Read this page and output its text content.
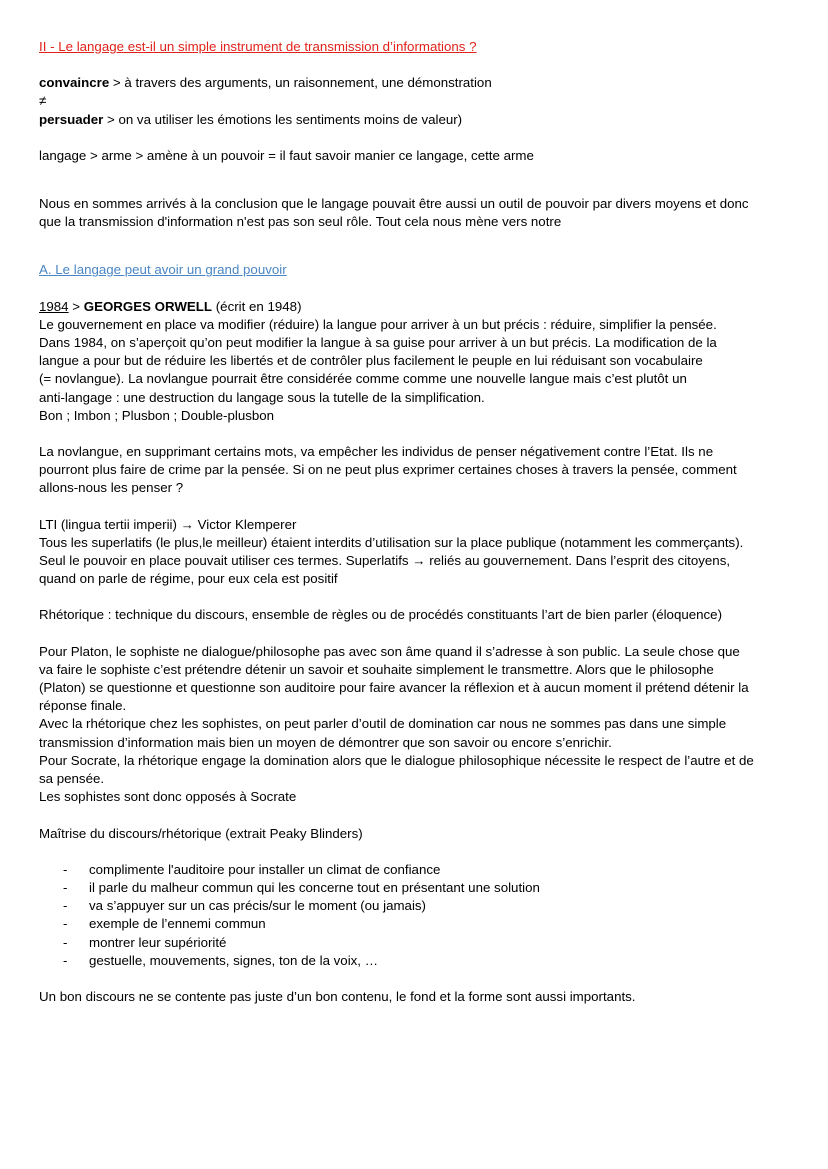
II - Le langage est-il un simple instrument de transmission d’informations ?

convaincre > à travers des arguments, un raisonnement, une démonstration

≠

persuader > on va utiliser les émotions les sentiments moins de valeur)

langage > arme > amène à un pouvoir = il faut savoir manier ce langage, cette arme

Nous en sommes arrivés à la conclusion que le langage pouvait être aussi un outil de pouvoir par divers moyens et donc

que la transmission d'information n'est pas son seul rôle. Tout cela nous mène vers notre

A. Le langage peut avoir un grand pouvoir

1984 > GEORGES ORWELL (écrit en 1948)

Le gouvernement en place va modifier (réduire) la langue pour arriver à un but précis : réduire, simplifier la pensée.

Dans 1984, on s’aperçoit qu’on peut modifier la langue à sa guise pour arriver à un but précis. La modification de la

langue a pour but de réduire les libertés et de contrôler plus facilement le peuple en lui réduisant son vocabulaire

(= novlangue). La novlangue pourrait être considérée comme comme une nouvelle langue mais c’est plutôt un

anti-langage : une destruction du langage sous la tutelle de la simplification.

Bon ; Imbon ; Plusbon ; Double-plusbon

La novlangue, en supprimant certains mots, va empêcher les individus de penser négativement contre l’Etat. Ils ne

pourront plus faire de crime par la pensée. Si on ne peut plus exprimer certaines choses à travers la pensée, comment

allons-nous les penser ?

LTI (lingua tertii imperii) → Victor Klemperer

Tous les superlatifs (le plus,le meilleur) étaient interdits d’utilisation sur la place publique (notamment les commerçants).

Seul le pouvoir en place pouvait utiliser ces termes. Superlatifs → reliés au gouvernement. Dans l’esprit des citoyens,

quand on parle de régime, pour eux cela est positif

Rhétorique : technique du discours, ensemble de règles ou de procédés constituants l’art de bien parler (éloquence)

Pour Platon, le sophiste ne dialogue/philosophe pas avec son âme quand il s’adresse à son public. La seule chose que

va faire le sophiste c’est prétendre détenir un savoir et souhaite simplement le transmettre. Alors que le philosophe

(Platon) se questionne et questionne son auditoire pour faire avancer la réflexion et à aucun moment il prétend détenir la

réponse finale.

Avec la rhétorique chez les sophistes, on peut parler d’outil de domination car nous ne sommes pas dans une simple

transmission d’information mais bien un moyen de démontrer que son savoir ou encore s’enrichir.

Pour Socrate, la rhétorique engage la domination alors que le dialogue philosophique nécessite le respect de l’autre et de

sa pensée.

Les sophistes sont donc opposés à Socrate

Maîtrise du discours/rhétorique (extrait Peaky Blinders)

- complimente l'auditoire pour installer un climat de confiance
- il parle du malheur commun qui les concerne tout en présentant une solution
- va s’appuyer sur un cas précis/sur le moment (ou jamais)
- exemple de l’ennemi commun
- montrer leur supériorité
- gestuelle, mouvements, signes, ton de la voix, …

Un bon discours ne se contente pas juste d’un bon contenu, le fond et la forme sont aussi importants.
